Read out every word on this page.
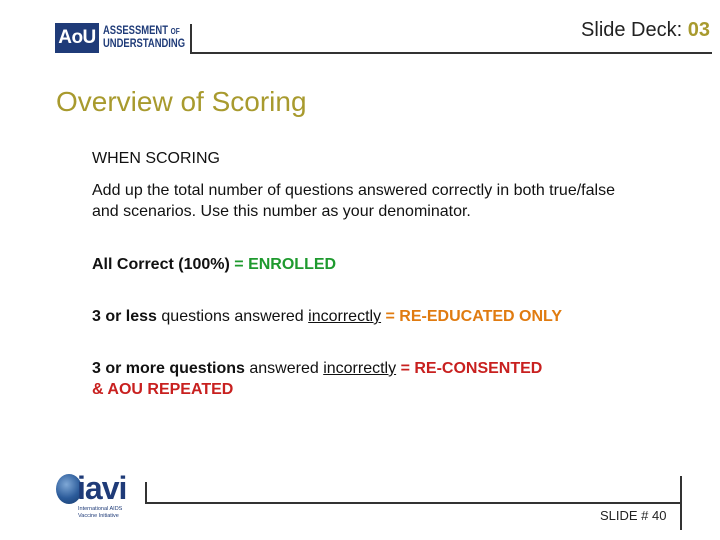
AoU ASSESSMENT OF
UNDERSTANDING
Slide Deck: 03
Overview of Scoring

WHEN SCORING

Add up the total number of questions answered correctly in both true/false and scenarios. Use this number as your denominator.

All Correct (100%) = ENROLLED

3 or less questions answered incorrectly = RE-EDUCATED ONLY

3 or more questions answered incorrectly = RE-CONSENTED
& AOU REPEATED

iavi
International AIDS Vaccine Initiative	SLIDE # 40
